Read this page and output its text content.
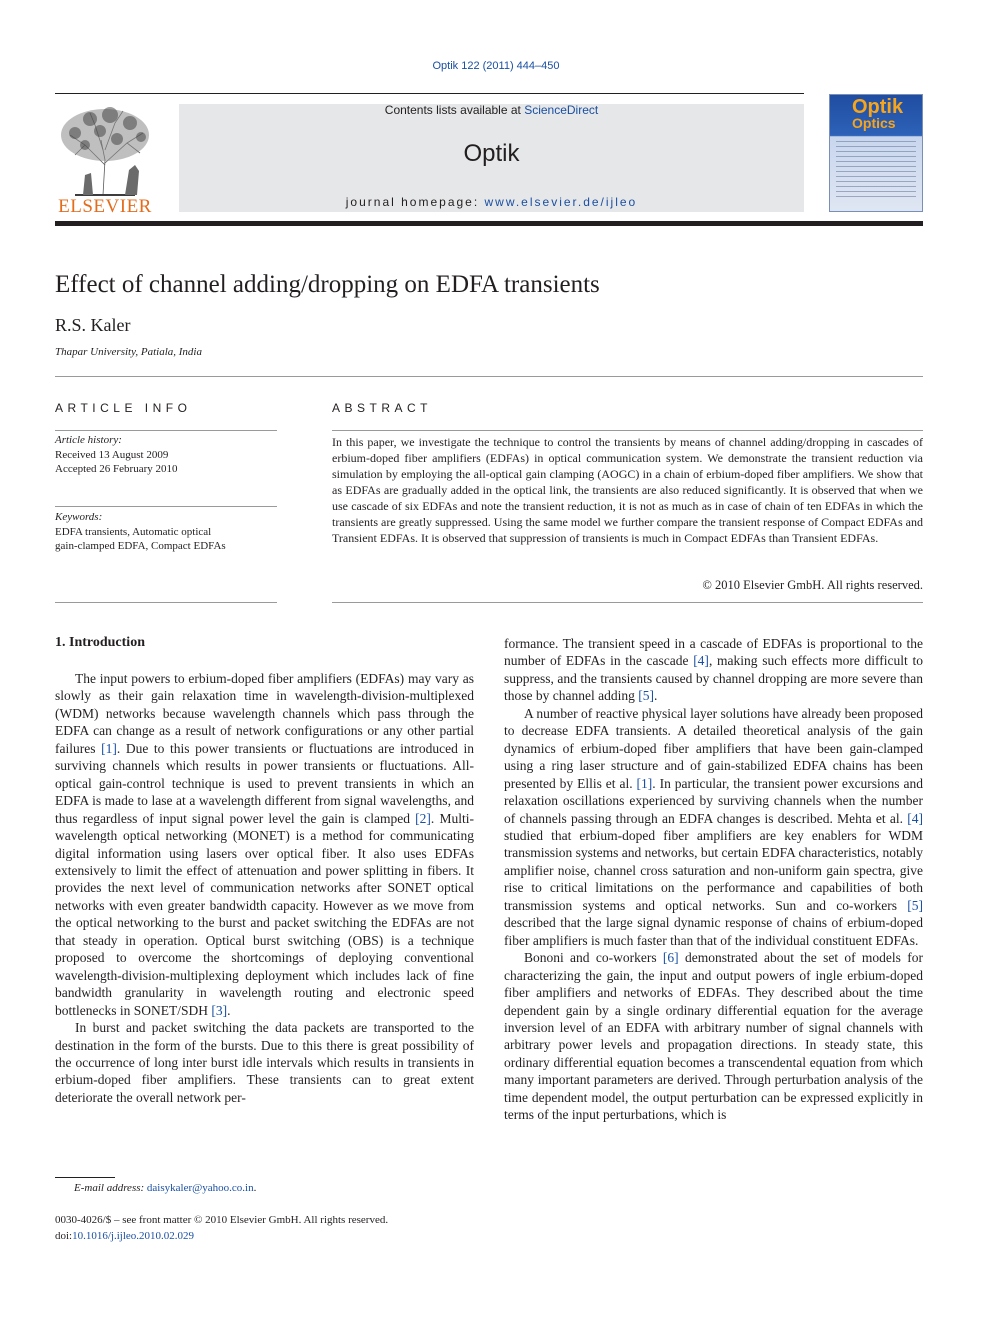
Optik 122 (2011) 444–450
ELSEVIER
Contents lists available at ScienceDirect
Optik
journal homepage: www.elsevier.de/ijleo
Optik
Optics
Effect of channel adding/dropping on EDFA transients
R.S. Kaler
Thapar University, Patiala, India
ARTICLE INFO
Article history:
Received 13 August 2009
Accepted 26 February 2010
Keywords:
EDFA transients, Automatic optical
gain-clamped EDFA, Compact EDFAs
ABSTRACT
In this paper, we investigate the technique to control the transients by means of channel adding/dropping in cascades of erbium-doped fiber amplifiers (EDFAs) in optical communication system. We demonstrate the transient reduction via simulation by employing the all-optical gain clamping (AOGC) in a chain of erbium-doped fiber amplifiers. We show that as EDFAs are gradually added in the optical link, the transients are also reduced significantly. It is observed that when we use cascade of six EDFAs and note the transient reduction, it is not as much as in case of chain of ten EDFAs in which the transients are greatly suppressed. Using the same model we further compare the transient response of Compact EDFAs and Transient EDFAs. It is observed that suppression of transients is much in Compact EDFAs than Transient EDFAs.
© 2010 Elsevier GmbH. All rights reserved.
1. Introduction

The input powers to erbium-doped fiber amplifiers (EDFAs) may vary as slowly as their gain relaxation time in wavelength-division-multiplexed (WDM) networks because wavelength channels which pass through the EDFA can change as a result of network configurations or any other partial failures [1]. Due to this power transients or fluctuations are introduced in surviving channels which results in power transients or fluctuations. All-optical gain-control technique is used to prevent transients in which an EDFA is made to lase at a wavelength different from signal wavelengths, and thus regardless of input signal power level the gain is clamped [2]. Multi-wavelength optical networking (MONET) is a method for communicating digital information using lasers over optical fiber. It also uses EDFAs extensively to limit the effect of attenuation and power splitting in fibers. It provides the next level of communication networks after SONET optical networks with even greater bandwidth capacity. However as we move from the optical networking to the burst and packet switching the EDFAs are not that steady in operation. Optical burst switching (OBS) is a technique proposed to overcome the shortcomings of deploying conventional wavelength-division-multiplexing deployment which includes lack of fine bandwidth granularity in wavelength routing and electronic speed bottlenecks in SONET/SDH [3].

In burst and packet switching the data packets are transported to the destination in the form of the bursts. Due to this there is great possibility of the occurrence of long inter burst idle intervals which results in transients in erbium-doped fiber amplifiers. These transients can to great extent deteriorate the overall network per-

formance. The transient speed in a cascade of EDFAs is proportional to the number of EDFAs in the cascade [4], making such effects more difficult to suppress, and the transients caused by channel dropping are more severe than those by channel adding [5].

A number of reactive physical layer solutions have already been proposed to decrease EDFA transients. A detailed theoretical analysis of the gain dynamics of erbium-doped fiber amplifiers that have been gain-clamped using a ring laser structure and of gain-stabilized EDFA chains has been presented by Ellis et al. [1]. In particular, the transient power excursions and relaxation oscillations experienced by surviving channels when the number of channels passing through an EDFA changes is described. Mehta et al. [4] studied that erbium-doped fiber amplifiers are key enablers for WDM transmission systems and networks, but certain EDFA characteristics, notably amplifier noise, channel cross saturation and non-uniform gain spectra, give rise to critical limitations on the performance and capabilities of both transmission systems and optical networks. Sun and co-workers [5] described that the large signal dynamic response of chains of erbium-doped fiber amplifiers is much faster than that of the individual constituent EDFAs.

Bononi and co-workers [6] demonstrated about the set of models for characterizing the gain, the input and output powers of ingle erbium-doped fiber amplifiers and networks of EDFAs. They described about the time dependent gain by a single ordinary differential equation for the average inversion level of an EDFA with arbitrary number of signal channels with arbitrary power levels and propagation directions. In steady state, this ordinary differential equation becomes a transcendental equation from which many important parameters are derived. Through perturbation analysis of the time dependent model, the output perturbation can be expressed explicitly in terms of the input perturbations, which is

E-mail address: daisykaler@yahoo.co.in.
0030-4026/$ – see front matter © 2010 Elsevier GmbH. All rights reserved.
doi:10.1016/j.ijleo.2010.02.029
